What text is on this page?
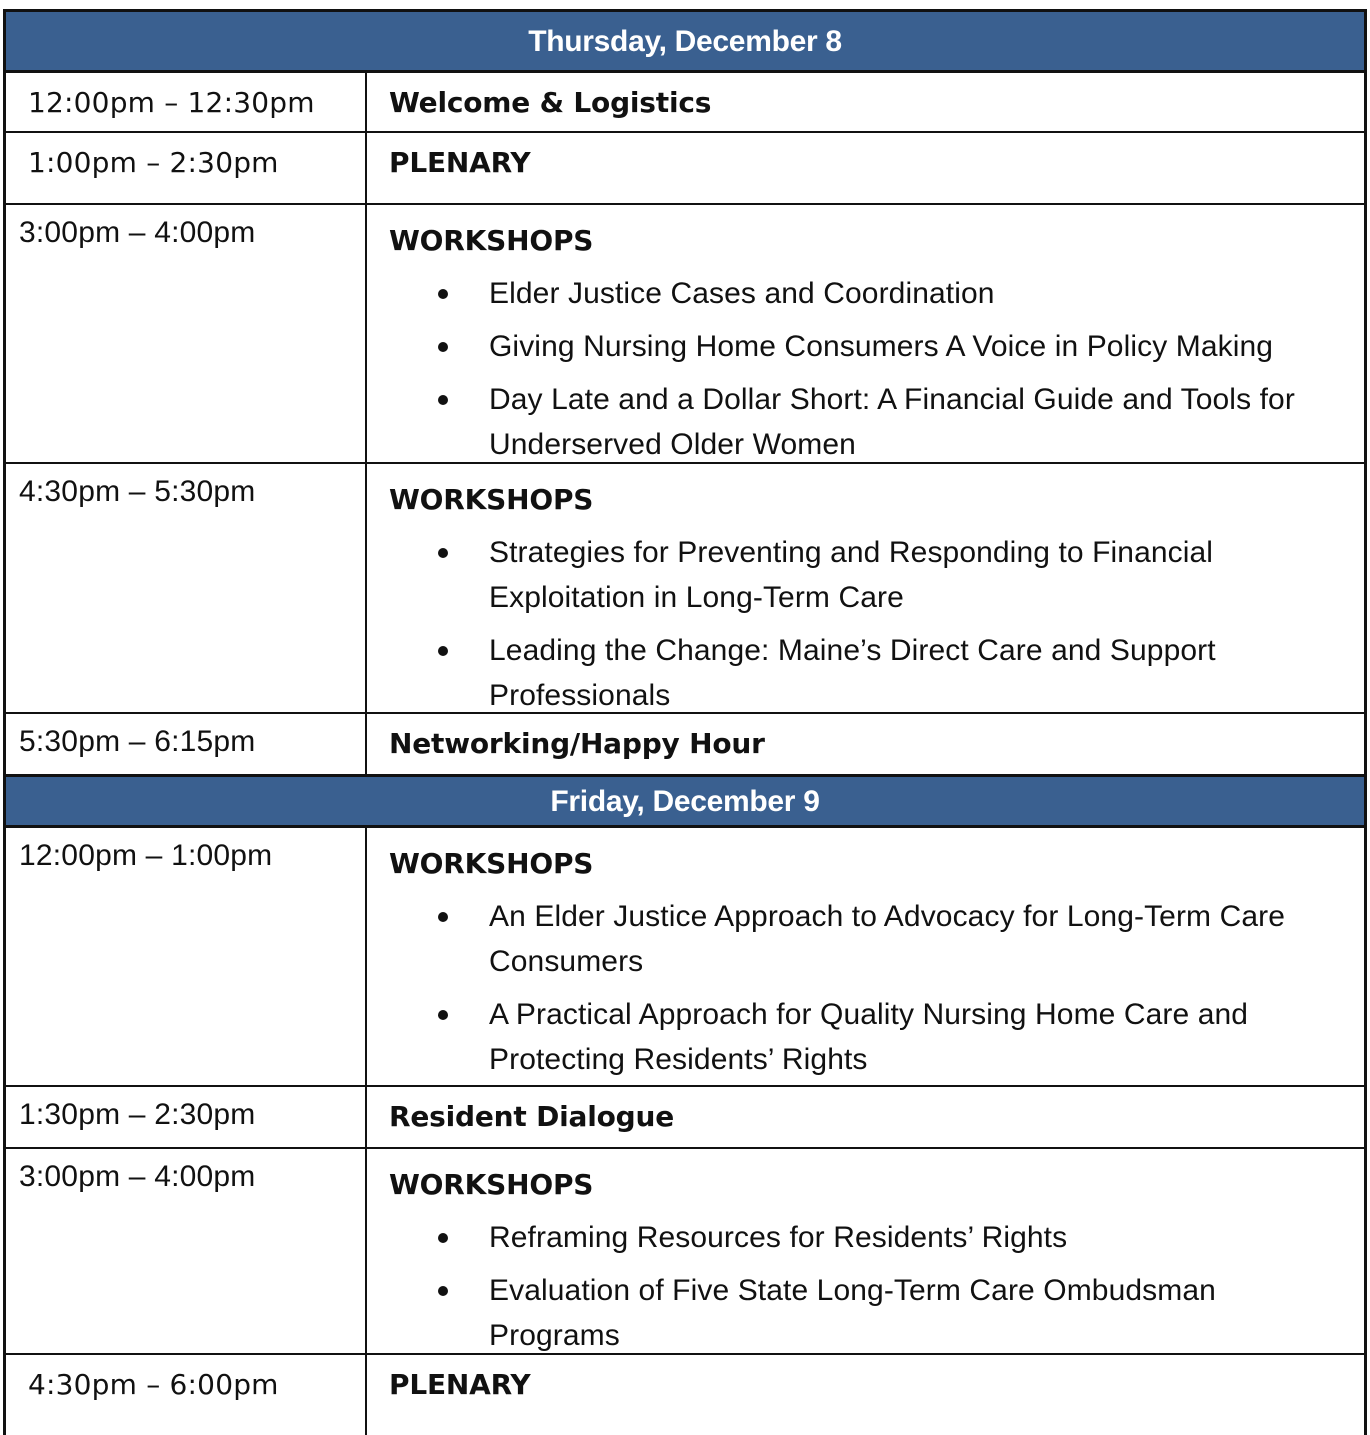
Thursday, December 8
12:00pm – 12:30pm	Welcome & Logistics
1:00pm – 2:30pm	PLENARY
3:00pm – 4:00pm	WORKSHOPS
Elder Justice Cases and Coordination
Giving Nursing Home Consumers A Voice in Policy Making
Day Late and a Dollar Short: A Financial Guide and Tools for Underserved Older Women
4:30pm – 5:30pm	WORKSHOPS
Strategies for Preventing and Responding to Financial Exploitation in Long-Term Care
Leading the Change: Maine’s Direct Care and Support Professionals
5:30pm – 6:15pm	Networking/Happy Hour
Friday, December 9
12:00pm – 1:00pm	WORKSHOPS
An Elder Justice Approach to Advocacy for Long-Term Care Consumers
A Practical Approach for Quality Nursing Home Care and Protecting Residents’ Rights
1:30pm – 2:30pm	Resident Dialogue
3:00pm – 4:00pm	WORKSHOPS
Reframing Resources for Residents’ Rights
Evaluation of Five State Long-Term Care Ombudsman Programs
4:30pm – 6:00pm	PLENARY
